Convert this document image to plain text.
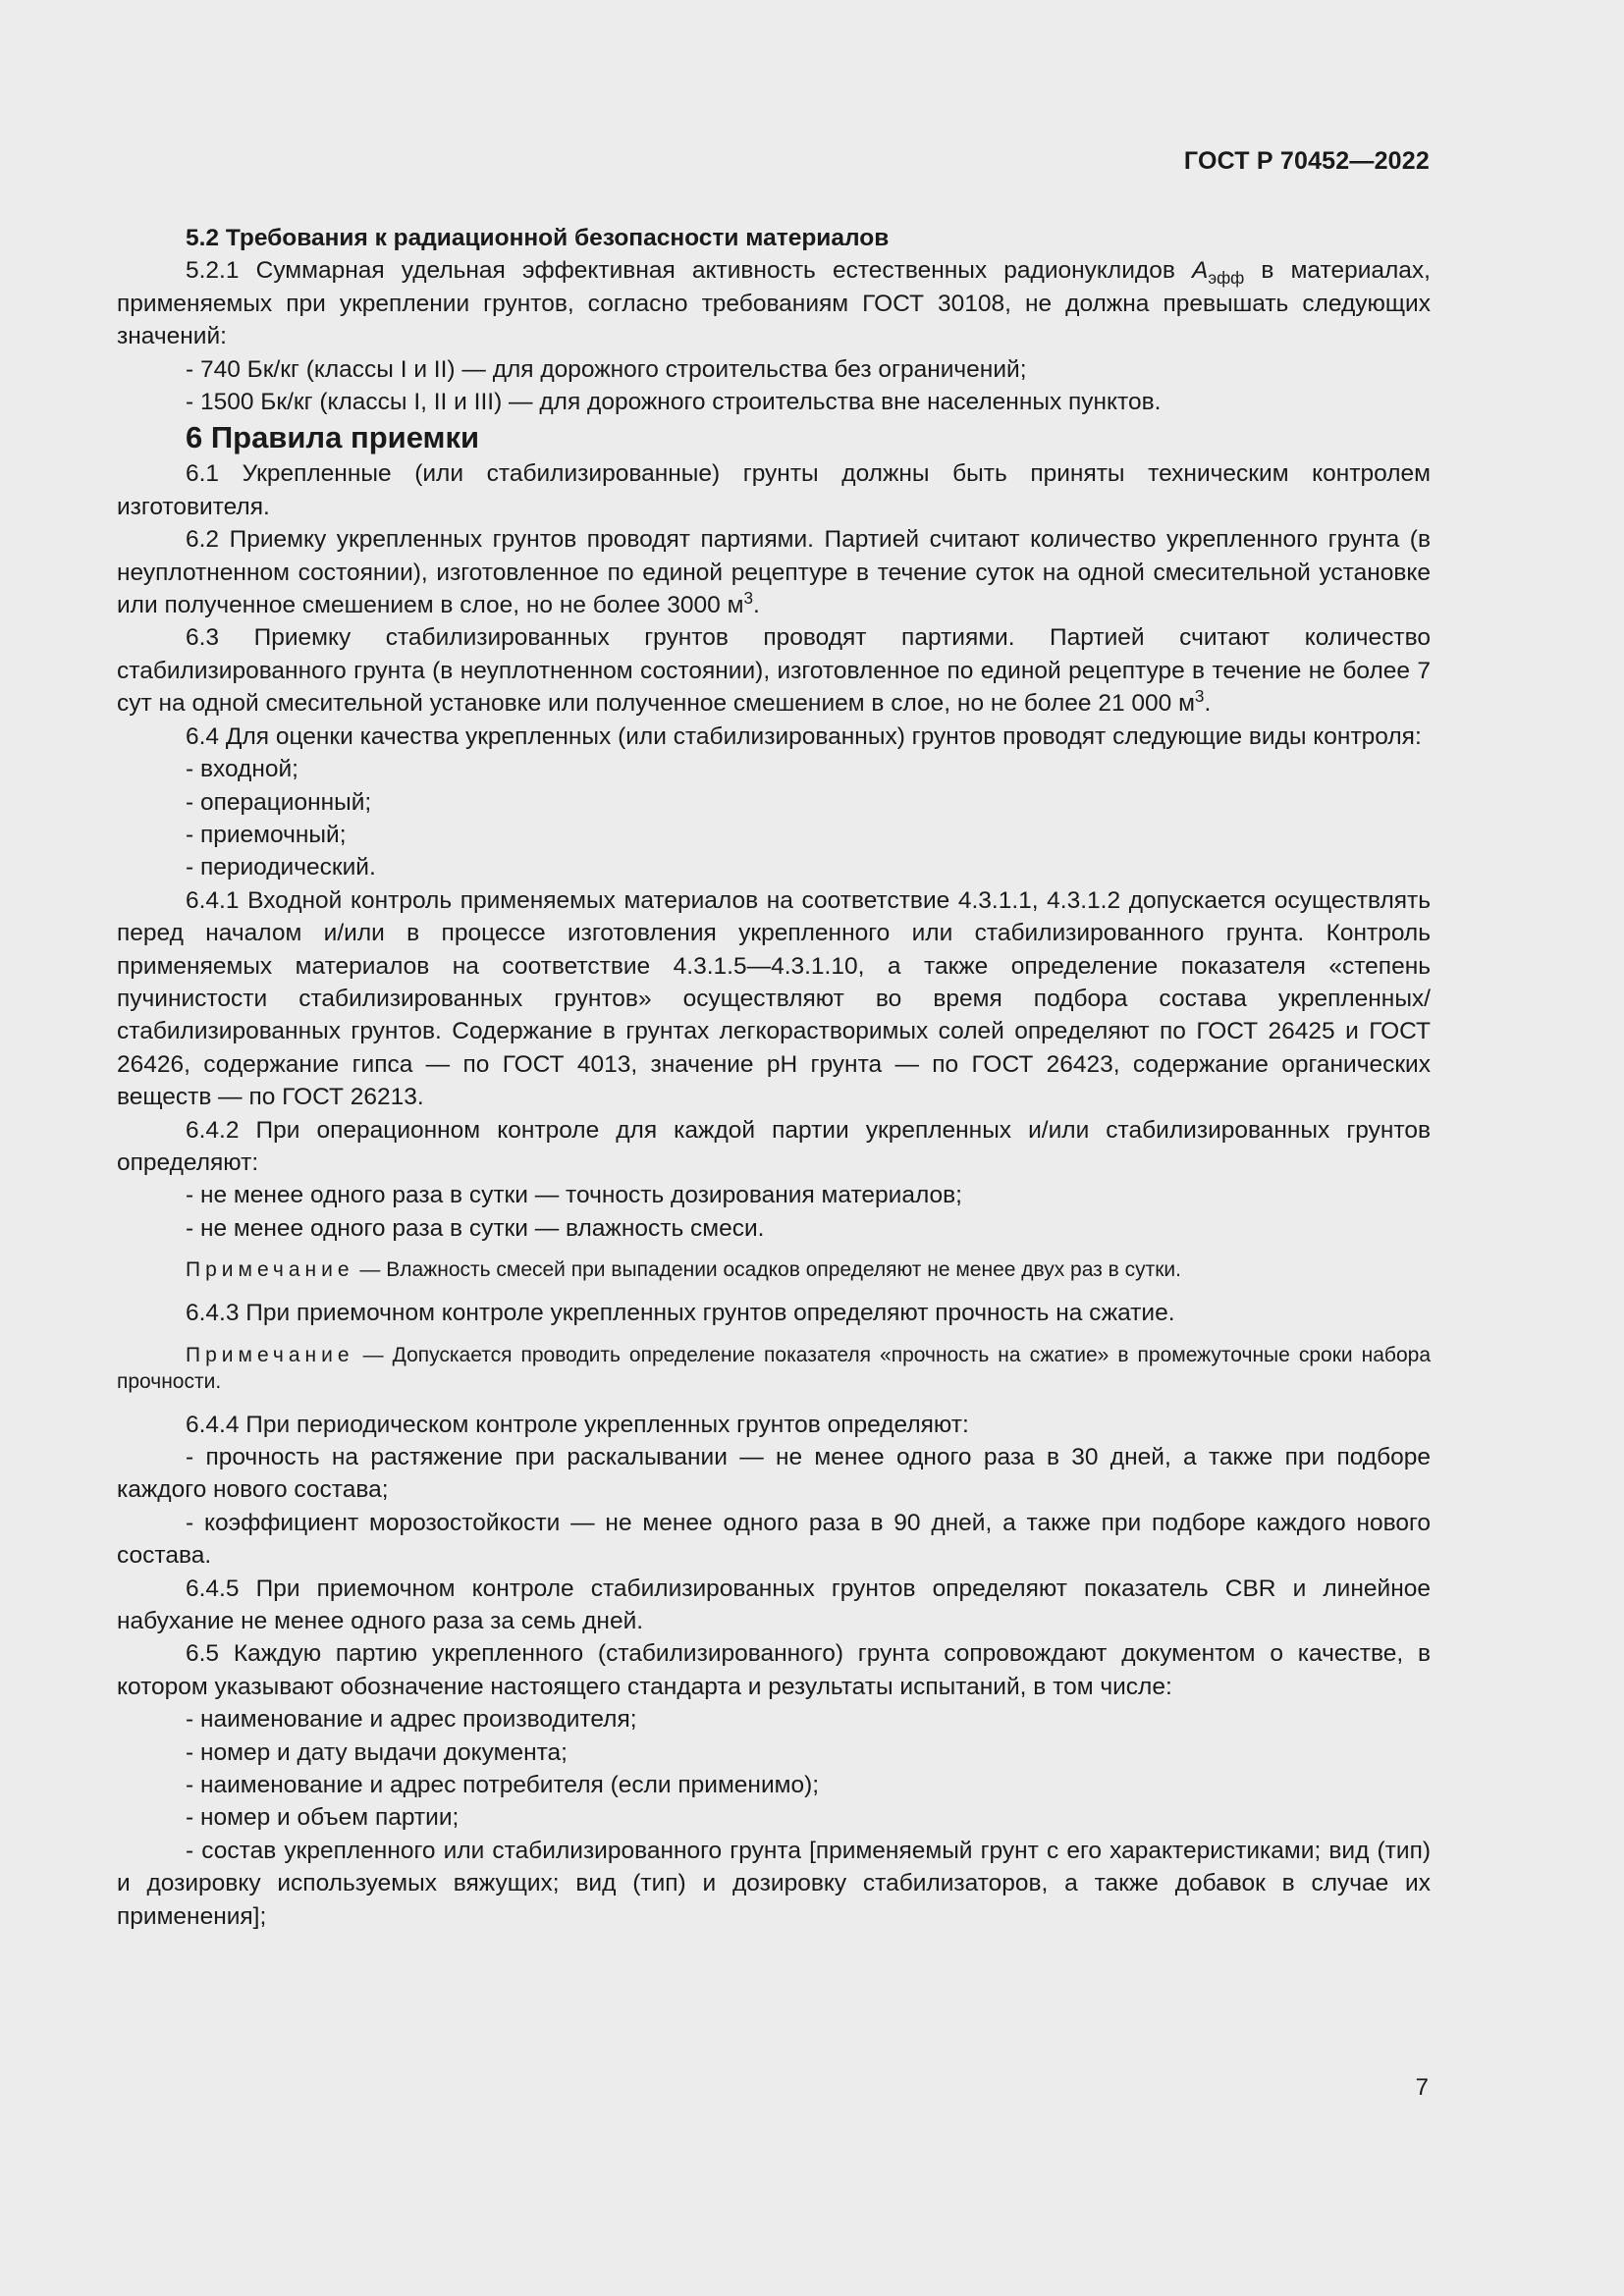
ГОСТ Р 70452—2022

5.2 Требования к радиационной безопасности материалов

5.2.1 Суммарная удельная эффективная активность естественных радионуклидов $А_{эфф}$ в материалах, применяемых при укреплении грунтов, согласно требованиям ГОСТ 30108, не должна превышать следующих значений:

- 740 Бк/кг (классы I и II) — для дорожного строительства без ограничений;

- 1500 Бк/кг (классы I, II и III) — для дорожного строительства вне населенных пунктов.

6 Правила приемки

6.1 Укрепленные (или стабилизированные) грунты должны быть приняты техническим контролем изготовителя.

6.2 Приемку укрепленных грунтов проводят партиями. Партией считают количество укрепленного грунта (в неуплотненном состоянии), изготовленное по единой рецептуре в течение суток на одной смесительной установке или полученное смешением в слое, но не более 3000 $м^3$.

6.3 Приемку стабилизированных грунтов проводят партиями. Партией считают количество стабилизированного грунта (в неуплотненном состоянии), изготовленное по единой рецептуре в течение не более 7 сут на одной смесительной установке или полученное смешением в слое, но не более 21 000 $м^3$.

6.4 Для оценки качества укрепленных (или стабилизированных) грунтов проводят следующие виды контроля:

- входной;

- операционный;

- приемочный;

- периодический.

6.4.1 Входной контроль применяемых материалов на соответствие 4.3.1.1, 4.3.1.2 допускается осуществлять перед началом и/или в процессе изготовления укрепленного или стабилизированного грунта. Контроль применяемых материалов на соответствие 4.3.1.5—4.3.1.10, а также определение показателя «степень пучинистости стабилизированных грунтов» осуществляют во время подбора состава укрепленных/стабилизированных грунтов. Содержание в грунтах легкорастворимых солей определяют по ГОСТ 26425 и ГОСТ 26426, содержание гипса — по ГОСТ 4013, значение pH грунта — по ГОСТ 26423, содержание органических веществ — по ГОСТ 26213.

6.4.2 При операционном контроле для каждой партии укрепленных и/или стабилизированных грунтов определяют:

- не менее одного раза в сутки — точность дозирования материалов;

- не менее одного раза в сутки — влажность смеси.

Примечание — Влажность смесей при выпадении осадков определяют не менее двух раз в сутки.

6.4.3 При приемочном контроле укрепленных грунтов определяют прочность на сжатие.

Примечание — Допускается проводить определение показателя «прочность на сжатие» в промежуточные сроки набора прочности.

6.4.4 При периодическом контроле укрепленных грунтов определяют:

- прочность на растяжение при раскалывании — не менее одного раза в 30 дней, а также при подборе каждого нового состава;

- коэффициент морозостойкости — не менее одного раза в 90 дней, а также при подборе каждого нового состава.

6.4.5 При приемочном контроле стабилизированных грунтов определяют показатель CBR и линейное набухание не менее одного раза за семь дней.

6.5 Каждую партию укрепленного (стабилизированного) грунта сопровождают документом о качестве, в котором указывают обозначение настоящего стандарта и результаты испытаний, в том числе:

- наименование и адрес производителя;

- номер и дату выдачи документа;

- наименование и адрес потребителя (если применимо);

- номер и объем партии;

- состав укрепленного или стабилизированного грунта [применяемый грунт с его характеристиками; вид (тип) и дозировку используемых вяжущих; вид (тип) и дозировку стабилизаторов, а также добавок в случае их применения];

7
